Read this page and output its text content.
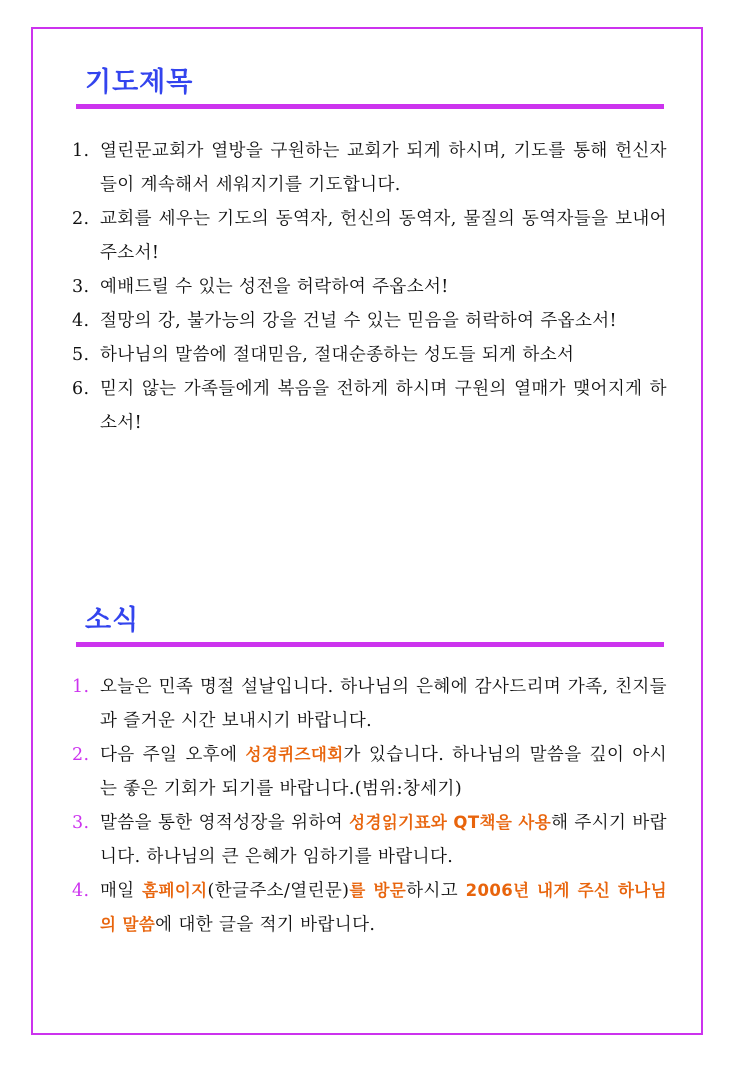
기도제목
1. 열린문교회가 열방을 구원하는 교회가 되게 하시며, 기도를 통해 헌신자들이 계속해서 세워지기를 기도합니다.
2. 교회를 세우는 기도의 동역자, 헌신의 동역자, 물질의 동역자들을 보내어 주소서!
3. 예배드릴 수 있는 성전을 허락하여 주옵소서!
4. 절망의 강, 불가능의 강을 건널 수 있는 믿음을 허락하여 주옵소서!
5. 하나님의 말씀에 절대믿음, 절대순종하는 성도들 되게 하소서
6. 믿지 않는 가족들에게 복음을 전하게 하시며 구원의 열매가 맺어지게 하소서!
소식
1. 오늘은 민족 명절 설날입니다. 하나님의 은혜에 감사드리며 가족, 친지들과 즐거운 시간 보내시기 바랍니다.
2. 다음 주일 오후에 성경퀴즈대회가 있습니다. 하나님의 말씀을 깊이 아시는 좋은 기회가 되기를 바랍니다.(범위:창세기)
3. 말씀을 통한 영적성장을 위하여 성경읽기표와 QT책을 사용해 주시기 바랍니다. 하나님의 큰 은혜가 임하기를 바랍니다.
4. 매일 홈페이지(한글주소/열린문)를 방문하시고 2006년 내게 주신 하나님의 말씀에 대한 글을 적기 바랍니다.
